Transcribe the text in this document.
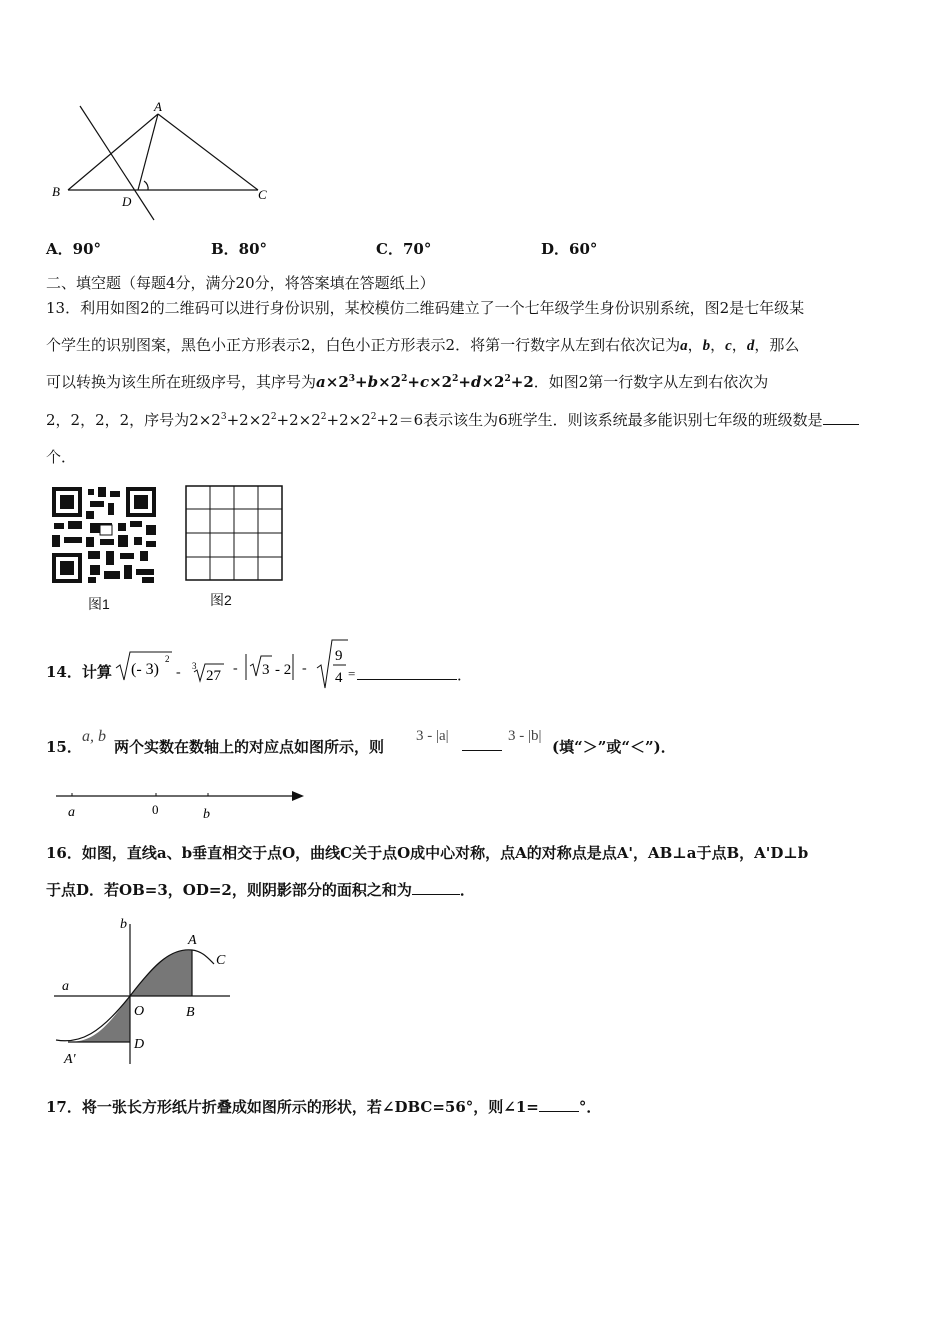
A
B	C
D
A．90°	B．80°	C．70°	D．60°
二、填空题（每题4分，满分20分，将答案填在答题纸上）
13．利用如图2的二维码可以进行身份识别，某校模仿二维码建立了一个七年级学生身份识别系统，图2是七年级某
个学生的识别图案，黑色小正方形表示2，白色小正方形表示2．将第一行数字从左到右依次记为a，b，c，d，那么
可以转换为该生所在班级序号，其序号为$a\times 2^3+b\times 2^2+c\times 2^2+d\times 2^2+2$．如图2第一行数字从左到右依次为
2，2，2，2，序号为$2\times 2^3+2\times 2^2+2\times 2^2+2\times 2^2+2=6$表示该生为6班学生．则该系统最多能识别七年级的班级数是
个．
图1	图2
14．计算 (- 3)
2
- 3
27 - 3 - 2 -
9
4 =	．
15．
a, b
两个实数在数轴上的对应点如图所示，则
3 - |a|	3 - |b|
(填“＞”或“＜”)．
a	0	b
16．如图，直线a、b垂直相交于点O，曲线C关于点O成中心对称，点A的对称点是点A'，AB⊥a于点B，A'D⊥b
于点D．若OB=3，OD=2，则阴影部分的面积之和为	．
b
a
A
C
O	B
D
A'
17．将一张长方形纸片折叠成如图所示的形状，若∠DBC=56°，则∠1=	°．
